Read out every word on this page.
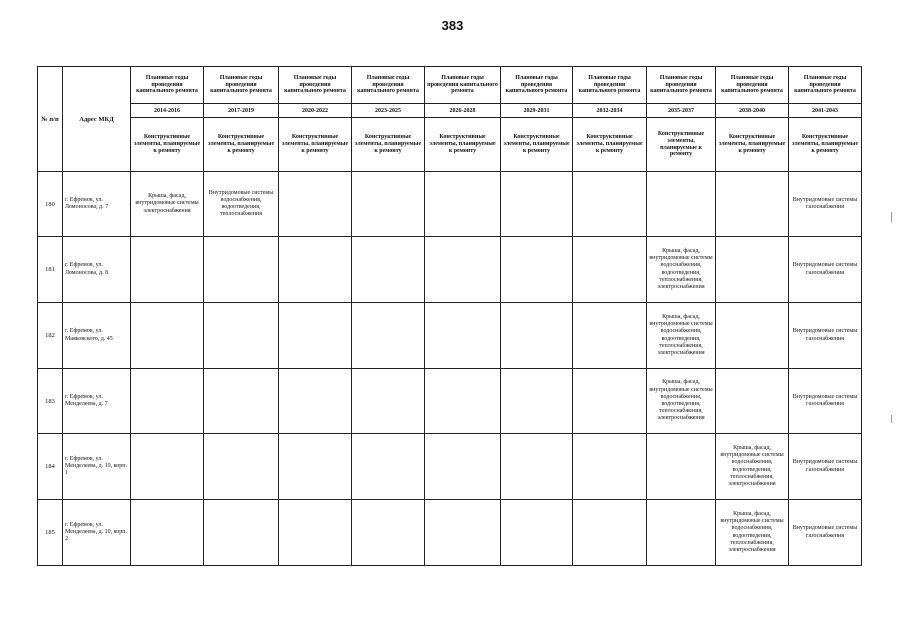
383
№ п/п	Адрес МКД	Плановые годы проведения капитального ремонта	Плановые годы проведения капитального ремонта	Плановые годы проведения капитального ремонта	Плановые годы проведения капитального ремонта	Плановые годы проведения капитального ремонта	Плановые годы проведения капитального ремонта	Плановые годы проведения капитального ремонта	Плановые годы проведения капитального ремонта	Плановые годы проведения капитального ремонта	Плановые годы проведения капитального ремонта
		2014-2016	2017-2019	2020-2022	2023-2025	2026-2028	2029-2031	2032-2034	2035-2037	2038-2040	2041-2043
		Конструктивные элементы, планируемые к ремонту	Конструктивные элементы, планируемые к ремонту	Конструктивные элементы, планируемые к ремонту	Конструктивные элементы, планируемые к ремонту	Конструктивные элементы, планируемые к ремонту	Конструктивные элементы, планируемые к ремонту	Конструктивные элементы, планируемые к ремонту	Конструктивные элементы, планируемые к ремонту	Конструктивные элементы, планируемые к ремонту	Конструктивные элементы, планируемые к ремонту
180	г. Ефремов, ул. Ломоносова, д. 7	Крыша, фасад, внутридомовые системы электроснабжения	Внутридомовые системы водоснабжения, водоотведения, теплоснабжения								Внутридомовые системы газоснабжения
181	г. Ефремов, ул. Ломоносова, д. 8								Крыша, фасад, внутридомовые системы водоснабжения, водоотведения, теплоснабжения, электроснабжения		Внутридомовые системы газоснабжения
182	г. Ефремов, ул. Маяковского, д. 45								Крыша, фасад, внутридомовые системы водоснабжения, водоотведения, теплоснабжения, электроснабжения		Внутридомовые системы газоснабжения
183	г. Ефремов, ул. Менделеева, д. 7								Крыша, фасад, внутридомовые системы водоснабжения, водоотведения, теплоснабжения, электроснабжения		Внутридомовые системы газоснабжения
184	г. Ефремов, ул. Менделеева, д. 10, корп. 1									Крыша, фасад, внутридомовые системы водоснабжения, водоотведения, теплоснабжения, электроснабжения	Внутридомовые системы газоснабжения
185	г. Ефремов, ул. Менделеева, д. 10, корп. 2									Крыша, фасад, внутридомовые системы водоснабжения, водоотведения, теплоснабжения, электроснабжения	Внутридомовые системы газоснабжения
